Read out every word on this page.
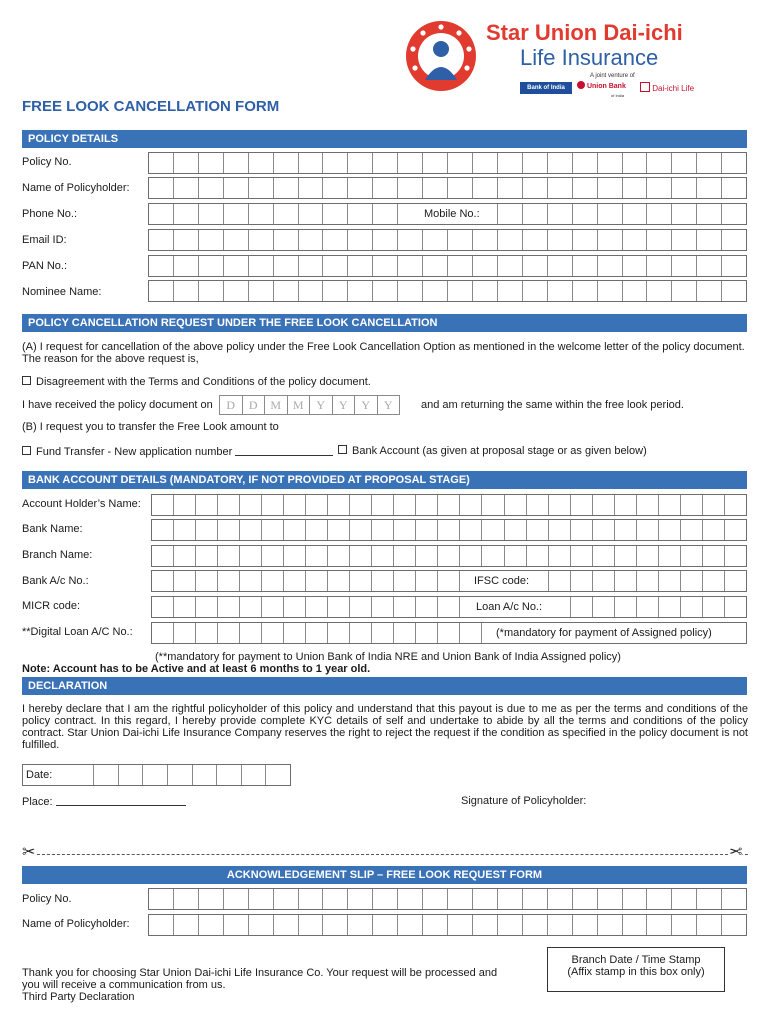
Star Union Dai-ichi
Life Insurance
A joint venture of
Bank of India	Union Bank
of India
Dai-ichi Life
FREE LOOK CANCELLATION FORM
POLICY DETAILS
Policy No.
Name of Policyholder:
Phone No.:	Mobile No.:
Email ID:
PAN No.:
Nominee Name:
POLICY CANCELLATION REQUEST UNDER THE FREE LOOK CANCELLATION
(A) I request for cancellation of the above policy under the Free Look Cancellation Option as mentioned in the welcome letter of the policy document. The reason for the above request is,
Disagreement with the Terms and Conditions of the policy document.
I have received the policy document on	D	D	M M	Y	Y	Y	Y	and am returning the same within the free look period.
(B) I request you to transfer the Free Look amount to
Fund Transfer - New application number	Bank Account (as given at proposal stage or as given below)
BANK ACCOUNT DETAILS (MANDATORY, IF NOT PROVIDED AT PROPOSAL STAGE)
Account Holder’s Name:
Bank Name:
Branch Name:
Bank A/c No.:	IFSC code:
MICR code:	Loan A/c No.:
**Digital Loan A/C No.:	(*mandatory for payment of Assigned policy)
(**mandatory for payment to Union Bank of India NRE and Union Bank of India Assigned policy)
Note: Account has to be Active and at least 6 months to 1 year old.
DECLARATION
I hereby declare that I am the rightful policyholder of this policy and understand that this payout is due to me as per the terms and conditions of the policy contract. In this regard, I hereby provide complete KYC details of self and undertake to abide by all the terms and conditions of the policy contract. Star Union Dai-ichi Life Insurance Company reserves the right to reject the request if the condition as specified in the policy document is not fulfilled.
Date:
Place:	Signature of Policyholder:
✂	✂
ACKNOWLEDGEMENT SLIP – FREE LOOK REQUEST FORM
Policy No.
Name of Policyholder:
Branch Date / Time Stamp
(Affix stamp in this box only)
Thank you for choosing Star Union Dai-ichi Life Insurance Co. Your request will be processed and you will receive a communication from us.
Third Party Declaration
